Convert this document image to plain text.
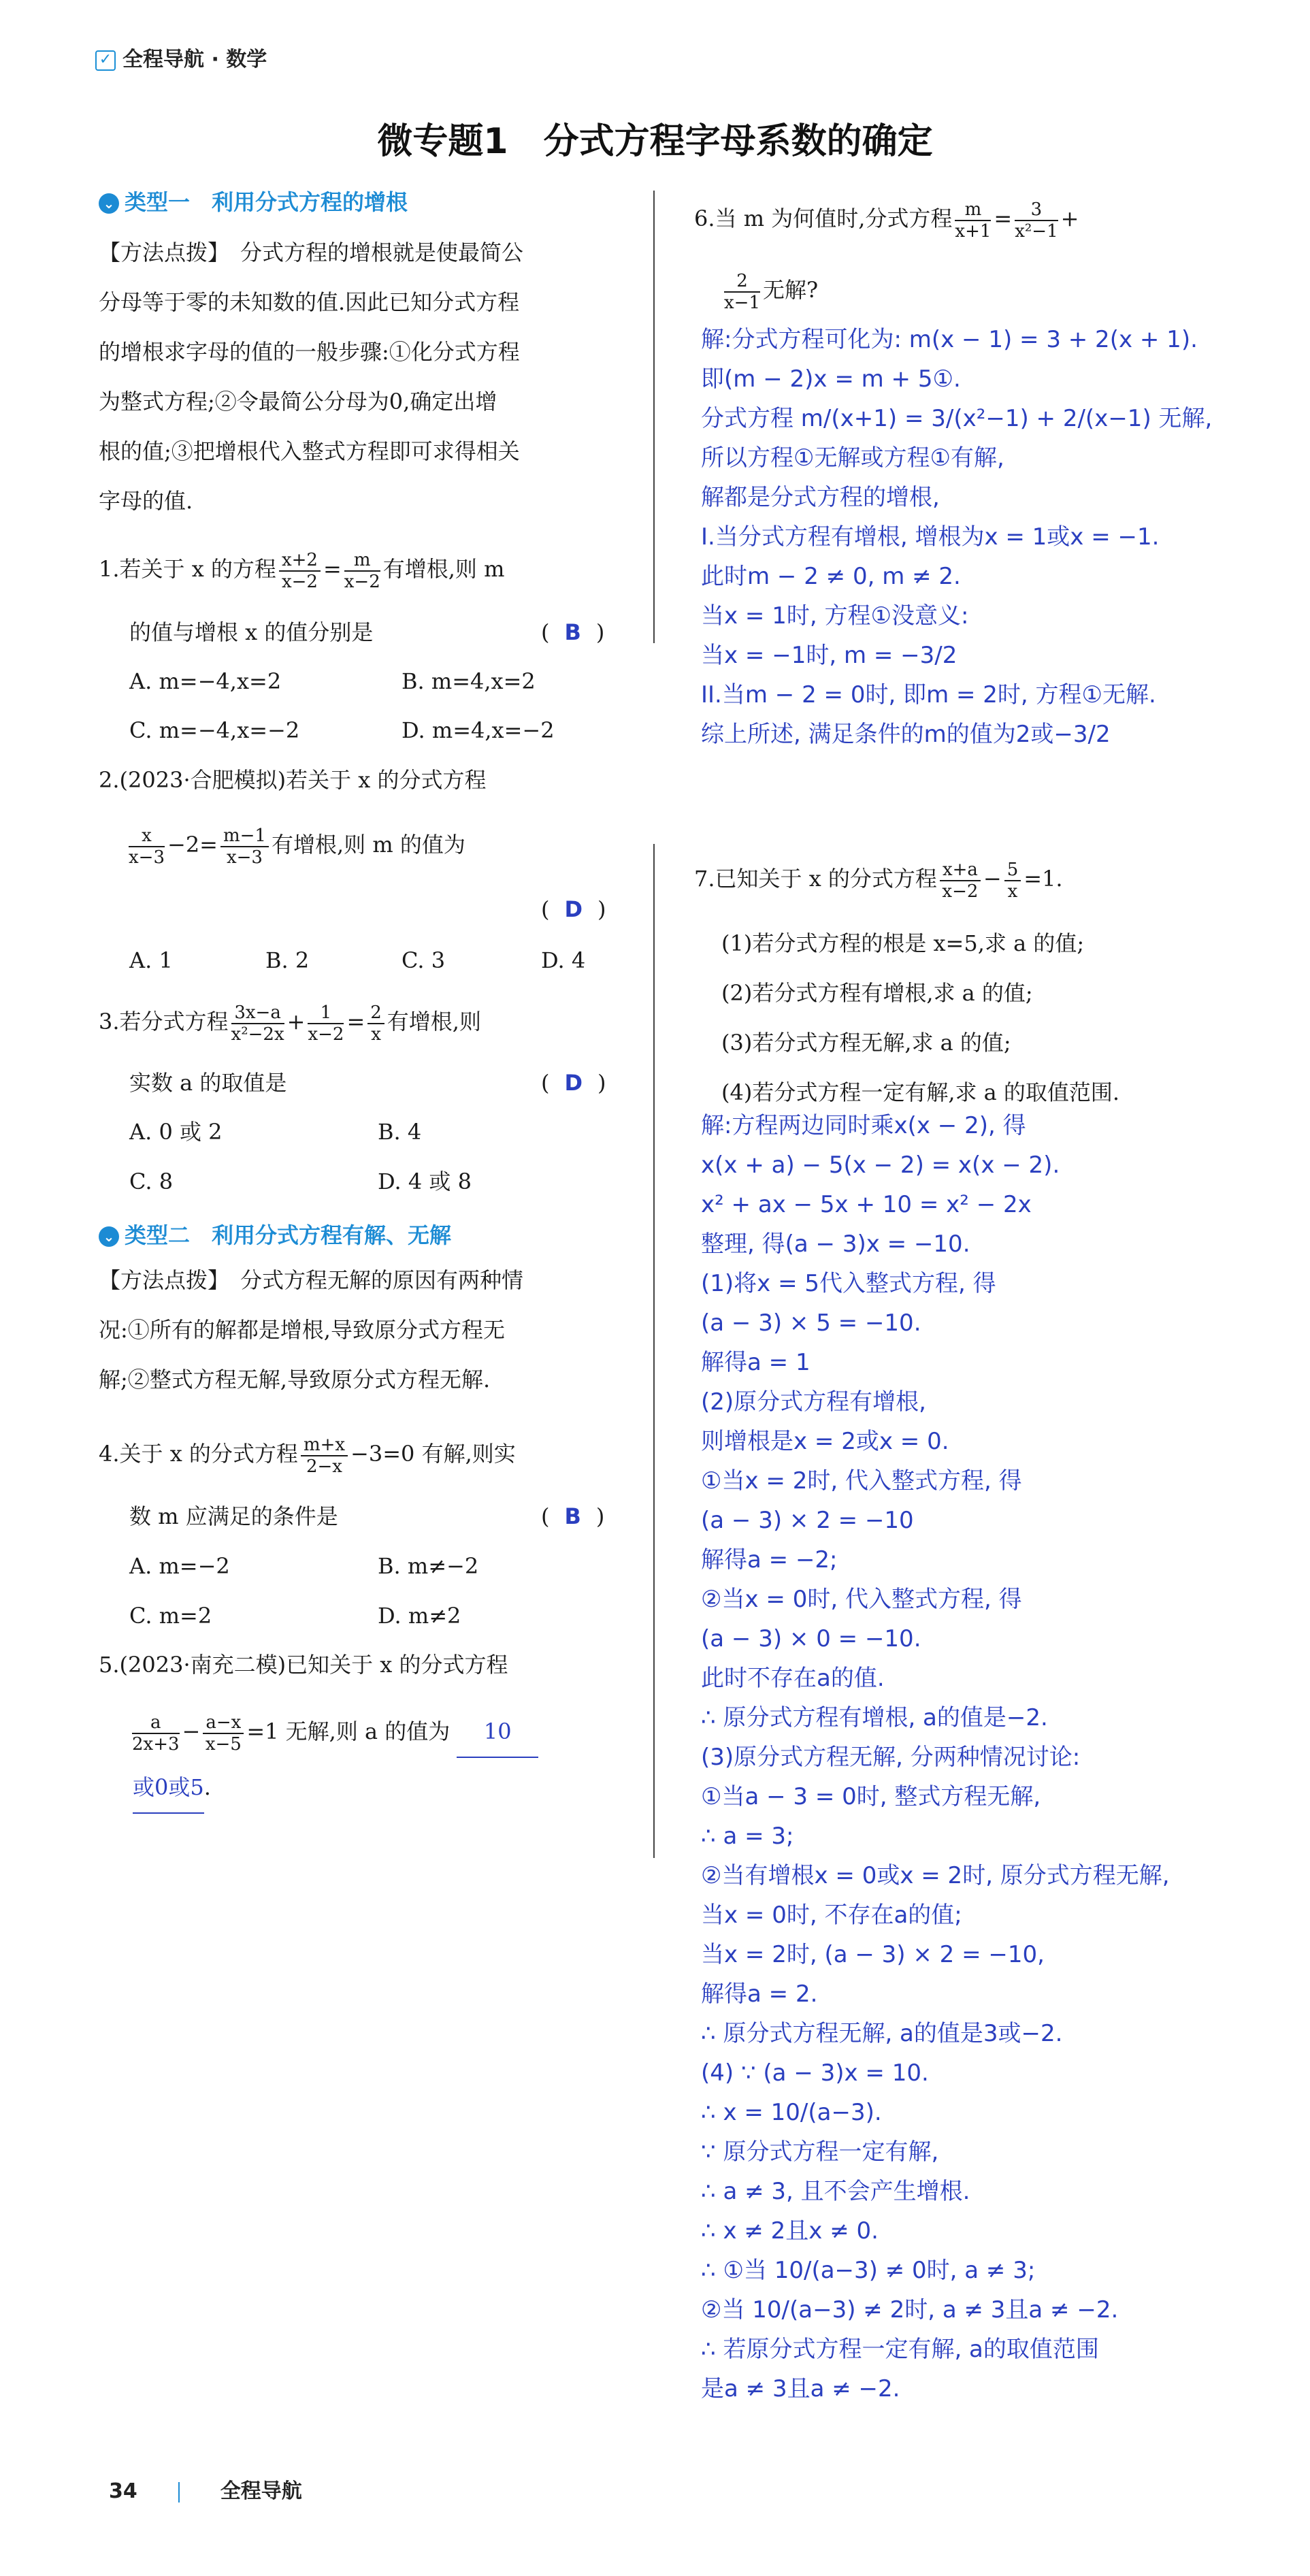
✓ 全程导航 · 数学
微专题1　分式方程字母系数的确定
⌄ 类型一　利用分式方程的增根
【方法点拨】　分式方程的增根就是使最简公
分母等于零的未知数的值.因此已知分式方程
的增根求字母的值的一般步骤:①化分式方程
为整式方程;②令最简公分母为0,确定出增
根的值;③把增根代入整式方程即可求得相关
字母的值.
1.若关于 x 的方程 $\frac{x+2}{x-2} = \frac{m}{x-2}$ 有增根,则 m
的值与增根 x 的值分别是	( B )
A. m=−4,x=2	B. m=4,x=2
C. m=−4,x=−2	D. m=4,x=−2
2.(2023·合肥模拟)若关于 x 的分式方程
$\frac{x}{x-3} -2= \frac{m-1}{x-3}$ 有增根,则 m 的值为
( D )
A. 1	B. 2	C. 3	D. 4
3.若分式方程 $\frac{3x-a}{\text{x²−2x}} + \frac{1}{x-2} = \frac{2}{x}$ 有增根,则
实数 a 的取值是	( D )
A. 0 或 2	B. 4
C. 8	D. 4 或 8
⌄ 类型二　利用分式方程有解、无解
【方法点拨】　分式方程无解的原因有两种情
况:①所有的解都是增根,导致原分式方程无
解;②整式方程无解,导致原分式方程无解.
4.关于 x 的分式方程 $\frac{m+x}{2-x} -3=0$ 有解,则实
数 m 应满足的条件是	( B )
A. m=−2	B. m≠−2
C. m=2	D. m≠2
5.(2023·南充二模)已知关于 x 的分式方程
$\frac{a}{2x+3} - \frac{a-x}{x-5} =1$ 无解,则 a 的值为 10
或0或5.
6.当 m 为何值时,分式方程 $\frac{m}{x+1} = \frac{3}{\text{x²−1}}$ +
$\frac{2}{x-1}$ 无解?
解:分式方程可化为: m(x − 1) = 3 + 2(x + 1).
即(m − 2)x = m + 5①.
分式方程 m/(x+1) = 3/(x²−1) + 2/(x−1) 无解,
所以方程①无解或方程①有解,
解都是分式方程的增根,
I.当分式方程有增根, 增根为x = 1或x = −1.
此时m − 2 ≠ 0, m ≠ 2.
当x = 1时, 方程①没意义:
当x = −1时, m = −3/2
II.当m − 2 = 0时, 即m = 2时, 方程①无解.
综上所述, 满足条件的m的值为2或−3/2
7.已知关于 x 的分式方程 $\frac{x+a}{x-2} - \frac{5}{x} =1$.
(1)若分式方程的根是 x=5,求 a 的值;
(2)若分式方程有增根,求 a 的值;
(3)若分式方程无解,求 a 的值;
(4)若分式方程一定有解,求 a 的取值范围.
解:方程两边同时乘x(x − 2), 得
x(x + a) − 5(x − 2) = x(x − 2).
x² + ax − 5x + 10 = x² − 2x
整理, 得(a − 3)x = −10.
(1)将x = 5代入整式方程, 得
(a − 3) × 5 = −10.
解得a = 1
(2)原分式方程有增根,
则增根是x = 2或x = 0.
①当x = 2时, 代入整式方程, 得
(a − 3) × 2 = −10
解得a = −2;
②当x = 0时, 代入整式方程, 得
(a − 3) × 0 = −10.
此时不存在a的值.
∴ 原分式方程有增根, a的值是−2.
(3)原分式方程无解, 分两种情况讨论:
①当a − 3 = 0时, 整式方程无解,
∴ a = 3;
②当有增根x = 0或x = 2时, 原分式方程无解,
当x = 0时, 不存在a的值;
当x = 2时, (a − 3) × 2 = −10,
解得a = 2.
∴ 原分式方程无解, a的值是3或−2.
(4) ∵ (a − 3)x = 10.
∴ x = 10/(a−3).
∵ 原分式方程一定有解,
∴ a ≠ 3, 且不会产生增根.
∴ x ≠ 2且x ≠ 0.
∴ ①当 10/(a−3) ≠ 0时, a ≠ 3;
②当 10/(a−3) ≠ 2时, a ≠ 3且a ≠ −2.
∴ 若原分式方程一定有解, a的取值范围
是a ≠ 3且a ≠ −2.
34	全程导航
